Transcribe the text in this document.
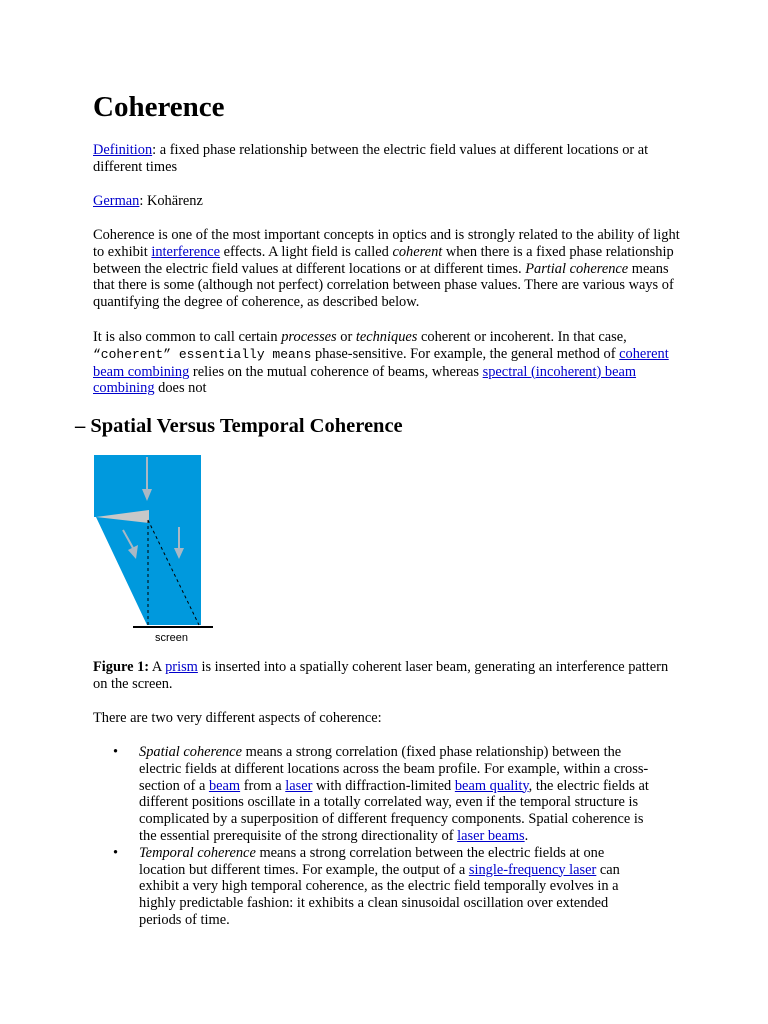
Coherence

Definition: a fixed phase relationship between the electric field values at different locations or at different times

German: Kohärenz

Coherence is one of the most important concepts in optics and is strongly related to the ability of light to exhibit interference effects. A light field is called coherent when there is a fixed phase relationship between the electric field values at different locations or at different times. Partial coherence means that there is some (although not perfect) correlation between phase values. There are various ways of quantifying the degree of coherence, as described below.

It is also common to call certain processes or techniques coherent or incoherent. In that case, “coherent” essentially means phase-sensitive. For example, the general method of coherent beam combining relies on the mutual coherence of beams, whereas spectral (incoherent) beam combining does not

– Spatial Versus Temporal Coherence
screen

Figure 1: A prism is inserted into a spatially coherent laser beam, generating an interference pattern on the screen.

There are two very different aspects of coherence:

• Spatial coherence means a strong correlation (fixed phase relationship) between the electric fields at different locations across the beam profile. For example, within a cross-section of a beam from a laser with diffraction-limited beam quality, the electric fields at different positions oscillate in a totally correlated way, even if the temporal structure is complicated by a superposition of different frequency components. Spatial coherence is the essential prerequisite of the strong directionality of laser beams.
• Temporal coherence means a strong correlation between the electric fields at one location but different times. For example, the output of a single-frequency laser can exhibit a very high temporal coherence, as the electric field temporally evolves in a highly predictable fashion: it exhibits a clean sinusoidal oscillation over extended periods of time.
